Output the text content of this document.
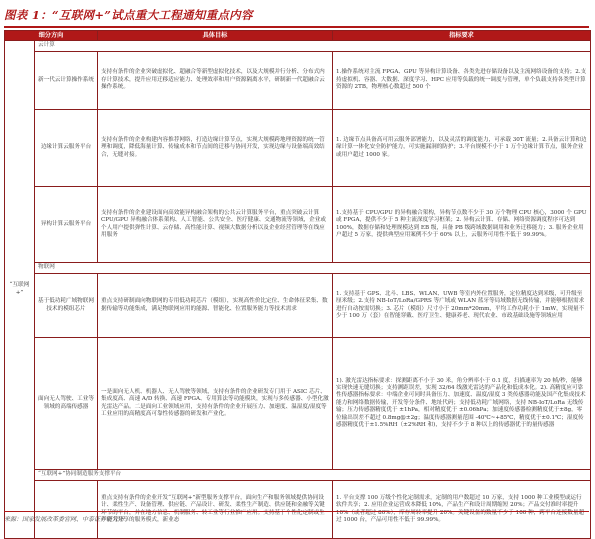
图表 1：“互联网+”试点重大工程通知重点内容
细分方向		具体目标	指标要求
“互联网+”	云计算		
	新一代云计算操作系统	支持有条件的企业突破虚拟化、超融合等新型虚拟化技术，以及大规模并行分析、分布式内存计算技术，提升应用迁移适应能力、处理效率和用户资源隔离水平，研制新一代超融合云操作系统。	1.操作系统对主流 FPGA、GPU 等异构计算设备、各类先进存储设备以及主流网络设备的支持；2.支持虚拟机、容器、大数据、深度学习、HPC 应用等负载的统一调度与管理，单个负载支持各类型计算资源的 2TB，物理核心数超过 500 个
	边缘计算云服务平台	支持有条件的企业构建内容推荐网络，打造边缘计算节点，实现大规模跨地理资源的统一管理和调度，降低海量计算、传输成本和节点间的迁移与协同开发，实现边缘与设备端高效结合，无缝对接。	1. 边缘节点具备高可用云服务部署能力，以及灵活的调度能力，可承载 30T 流量；2.具备云计算和边缘计算一体化安全防护能力，可实施漏洞的防护；3.平台规模不小于 1 万个边缘计算节点，服务企业或用户超过 1000 家。
	异构计算云服务平台	支持有条件的企业建设面向高效能异构融合架构的公共云计算服务平台，重点突破云计算 CPU/GPU 异构融合体系架构、人工智能、公共安全、医疗健康、交通物流等领域，企业或个人用户提供弹性计算、云存储、高性能计算、视频大数据分析以及企业经营管理等在线应用服务	1.支持基于 CPU/GPU 的异构融合架构，异构节点数不少于 30 万个物理 CPU 核心，3000 个 GPU 或 FPGA，提供不少于 5 种主流深度学习框架；2. 异构云计算、存储、网络资源调度程序可达到100%，数据存储和处理规模达到 EB 级，具备 PB 级跨域数据调用和业务迁移能力；3. 服务企业用户超过 5 万家，提供典型应用案例不少于 60% 以上，云服务可用性不低于 99.99%。
	物联网		
	基于低功耗广域物联网技术的模组芯片	重点支持研制面向物联网的专用低功耗芯片（模组），实现高性价比定位、生命体征采集、数据传输等功能集成，满足物联网应用的能源、智能化、位置服务能力等技术需求	1. 支持基于 GPS、北斗、LBS、WLAN、UWB 等室内外位置服务，定位精度达到米级，可升级至厘米级；2.支持 NB-IoT/LoRa/GPRS 等广域或 WLAN 蓝牙等局域数据无线传输，并能够根据需求进行自动按需切换；3. 芯片（模组）尺寸小于 20mm*20mm，平均工作功耗小于 1mW，实现量不少于 100 万（套）在智能穿戴、医疗卫生、健康养老、现代农业、市政基础设施等领域应用
	面向无人驾驶、工业等领域的高端传感器	一是面向无人机、机器人、无人驾驶等领域，支持有条件的企业研发专门用于 ASIC 芯片、集成度高、高速 A/D 转换、高速 FPGA、专用算法等功能模块，实现与多传感器、小型化激光雷达产品。二是面向工业领域应用，支持有条件的企业开展压力、加速度、温湿度/湿度等工业应用的高精度高可靠性传感器的研发和产业化。	1). 激光雷达指标要求：探测距离不小于 30 米，角分辨率小于 0.1 度，扫描速率为 20 帧/秒，能够实现快速无缝切换；支持测距误差，实现 32/64 线激光雷达的产品化和低成本化。2). 高精度应可靠性传感器指标要求：中端企业可同时具备压力、加速度、温度/湿度 3 类传感器功能及国产化集成技术能力和网络数据传输，开发等分条件、地址代码；支持低功耗广域网络，支持 NB-IoT/LoRa 无线传输；压力传感器精度优于 ±1hPa，相对精度优于 ±0.06hPa；加速度传感器检测精度优于±8g，零位输出误差不超过 0.8mg@±2g；温度传感器测量范围 -40℃~+85℃，精度优于±0.1℃；湿度传感器精度优于±1.5%RH（±2%RH 和)，支持不少于 8 种以上的传感器优于的量传感器
	“互联网+”协同制造服务支撑平台		
		重点支持有条件的企业开发“互联网+”新型服务支撑平台，面向生产和服务领域提供协同设计、柔性生产、设备管理、供应链、产品设计、研发、柔性生产制造、供应链和金融等关键环节的平台，并在地方信息、机制服务、转工业等行业推广应用。支持基于个性化定制或生产能力分享的服务模式，新业态	1. 平台支撑 100 万级个性化定制需求，定制的用户数超过 10 万家，支持 1000 种工业模型或运行软件共享；2. 应用企业运营成本降低 10%，产品生产和设计周期缩短 20%；产品交付准时率提升 10%（或者超过 80%），库存周转率提升 20%。关键设备的数量不少于 100 种，跨平台连接数量超过 1000 台，产品可用性不低于 99.99%。
来源：国家发展改革委官网、中泰证券研究所
